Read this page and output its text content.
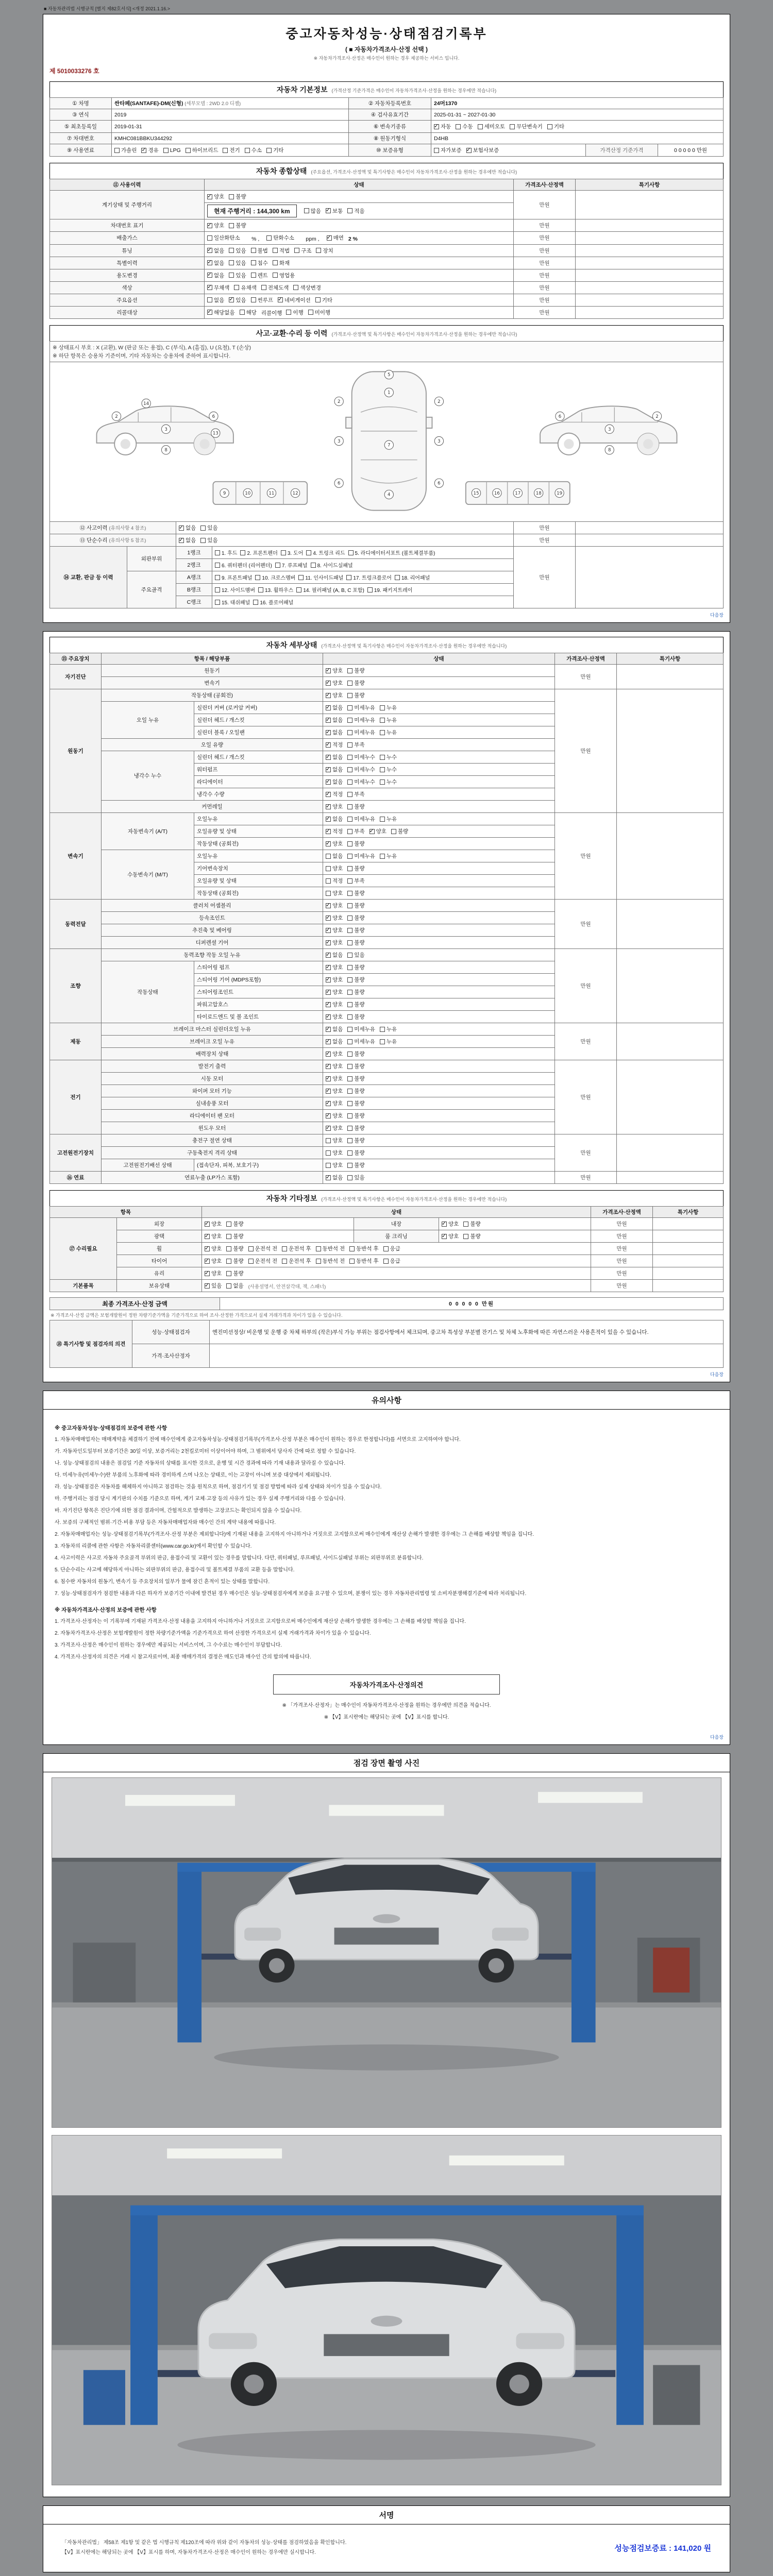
■ 자동차관리법 시행규칙 [별지 제82호서식] <개정 2021.1.16.>
중고자동차성능·상태점검기록부
( ■ 자동차가격조사·산정 선택 )
※ 자동차가격조사·산정은 매수인이 원하는 경우 제공하는 서비스 입니다.
제 5010033276 호
자동차 기본정보 (가격산정 기준가격은 매수인이 자동차가격조사·산정을 원하는 경우에만 적습니다)
① 차명	싼타페(SANTAFE)-DM(신형) (세부모델 : 2WD 2.0 디젤)	② 자동차등록번호	24머1370		
③ 연식	2019	④ 검사유효기간	2025-01-31 ~ 2027-01-30		
⑤ 최초등록일	2019-01-31	⑥ 변속기종류	
✓자동 수동 세미오토 무단변속기 기타
⑦ 차대번호	KMHC081BBKU344292	⑧ 원동기형식	D4HB		
⑨ 사용연료	가솔린 ✓ 경유 LPG 하이브리드 전기 수소 기타	⑩ 보증유형	자가보증 ✓ 보험사보증	가격산정 기준가격	0 0 0 0 0 만원
자동차 종합상태 (주요옵션, 가격조사·산정액 및 특기사항은 매수인이 자동차가격조사·산정을 원하는 경우에만 적습니다)
⑪ 사용이력	상태	가격조사·산정액	특기사항
계기상태 및 주행거리	
✓
양호 불량	만원	
	현재 주행거리 : 144,300 km 많음 ✓ 보통 적음
차대번호 표기	
✓양호 불량	만원	
배출가스	일산화탄소　 % , 탄화수소　 ppm , ✓ 매연 2 %	만원	
튜닝	
✓없음 있음 불법 적법 구조 장치	만원	
특별이력	
✓없음 있음 침수 화재	만원	
용도변경	
✓없음 있음 렌트 영업용	만원	
색상	
✓무채색 유채색 전체도색 색상변경	만원	
주요옵션	없음 ✓ 있음 썬루프 ✓ 네비게이션 기타	만원	
리콜대상	
✓해당없음 해당 리콜이행 이행 미이행	만원	
사고·교환·수리 등 이력 (가격조사·산정액 및 특기사항은 매수인이 자동차가격조사·산정을 원하는 경우에만 적습니다)
※ 상태표시 부호 : X (교환), W (판금 또는 용접), C (부식), A (흠집), U (요철), T (손상)
※ 하단 항목은 승용차 기준이며, 기타 자동차는 승용차에 준하여 표시합니다.					

2
3
6
8
14
13
1
7
4
5
2
3
6
2
3
6
6
3
2
8
9	10	11	12	15	16	17	18	19

⑫ 사고이력 (유의사항 4 참조)	
✓없음 있음		만원	
⑬ 단순수리 (유의사항 5 참조)	
✓없음 있음		만원	
⑭ 교환, 판금 등 이력	외판부위	1랭크	1. 후드 2. 프론트펜더 3. 도어 4. 트렁크 리드 5. 라디에이터서포트 (볼트체결부품)	만원	
		2랭크	6. 쿼터펜더 (리어펜더) 7. 루프패널 8. 사이드실패널		
	주요골격	A랭크	9. 프론트패널 10. 크로스멤버 11. 인사이드패널 17. 트렁크플로어 18. 리어패널		
		B랭크	12. 사이드멤버 13. 휠하우스 14. 필러패널 (A, B, C 포함) 19. 패키지트레이		
		C랭크	15. 대쉬패널 16. 플로어패널		
다음장
자동차 세부상태 (가격조사·산정액 및 특기사항은 매수인이 자동차가격조사·산정을 원하는 경우에만 적습니다)
⑮ 주요장치	항목 / 해당부품		상태	가격조사·산정액	특기사항
자기진단	원동기	
✓양호 불량	만원	
	변속기	
✓양호 불량
원동기	작동상태 (공회전)	
✓양호 불량	만원	
	오일 누유	실린더 커버 (로커암 커버)	
✓없음 미세누유 누유
		실린더 헤드 / 개스킷	
✓없음 미세누유 누유
		실린더 블록 / 오일팬	
✓없음 미세누유 누유
	오일 유량	
✓적정 부족
	냉각수 누수	실린더 헤드 / 개스킷	
✓없음 미세누수 누수
		워터펌프	
✓없음 미세누수 누수
		라디에이터	
✓없음 미세누수 누수
		냉각수 수량	
✓적정 부족
	커먼레일	
✓양호 불량
변속기	자동변속기 (A/T)	오일누유	
✓없음 미세누유 누유	만원	
		오일유량 및 상태	
✓적정 부족 ✓ 양호 불량
		작동상태 (공회전)	
✓양호 불량
	수동변속기 (M/T)	오일누유	없음 미세누유 누유		
		기어변속장치	양호 불량		
		오일유량 및 상태	적정 부족		
		작동상태 (공회전)	양호 불량		
동력전달	클러치 어셈블리	
✓양호 불량	만원	
	등속조인트	
✓양호 불량
	추진축 및 베어링	
✓양호 불량
	디퍼렌셜 기어	
✓양호 불량
조향	동력조향 작동 오일 누유	
✓없음 있음	만원	
	작동상태	스티어링 펌프	
✓양호 불량
		스티어링 기어 (MDPS포함)	
✓양호 불량
		스티어링조인트	
✓양호 불량
		파워고압호스	
✓양호 불량
		타이로드엔드 및 볼 조인트	
✓양호 불량
제동	브레이크 마스터 실린더오일 누유	
✓없음 미세누유 누유	만원	
	브레이크 오일 누유	
✓없음 미세누유 누유
	배력장치 상태	
✓양호 불량
전기	발전기 출력	
✓양호 불량	만원	
	시동 모터	
✓양호 불량
	와이퍼 모터 기능	
✓양호 불량
	실내송풍 모터	
✓양호 불량
	라디에이터 팬 모터	
✓양호 불량
	윈도우 모터	
✓양호 불량
고전원전기장치	충전구 절연 상태		양호 불량	만원	
	구동축전지 격리 상태		양호 불량		
	고전원전기배선 상태	(접속단자, 피복, 보호기구)	양호 불량		
⑯ 연료	연료누출 (LP가스 포함)	
✓없음 있음	만원	
자동차 기타정보 (가격조사·산정액 및 특기사항은 매수인이 자동차가격조사·산정을 원하는 경우에만 적습니다)
항목		상태			가격조사·산정액	특기사항
⑰ 수리필요	외장	
✓양호 불량	내장	
✓양호 불량	만원	
	광택	
✓양호 불량	룸 크리닝	
✓양호 불량	만원	
휠	
✓양호 불량 운전석 전 운전석 후 동반석 전 동반석 후 응급	만원	
타이어	
✓양호 불량 운전석 전 운전석 후 동반석 전 동반석 후 응급	만원	
	유리	
✓양호 불량			만원	
기본품목	보유상태	
✓있음 없음 (사용설명서, 안전삼각대, 잭, 스패너)			만원	
최종 가격조사·산정 금액	0 0 0 0 0 만원
※ 가격조사·산정 금액은 보험개발원이 정한 차량기준가액을 기준가격으로 하여 조사·산정한 가격으로서 실제 거래가격과 차이가 있을 수 있습니다.
⑱ 특기사항 및 점검자의 의견	성능·상태점검자	엔진미션정상/ 비운행 및 운행 중 차체 하부의 (작은)부식 가능 부위는 점검사항에서 체크되며, 중고차 특성상 부분별 잔기스 및 차체 노후화에 따른 자연스러운 사용흔적이 있을 수 있습니다.
	가격·조사산정자	
다음장
유의사항
※ 중고자동차성능·상태점검의 보증에 관한 사항
1. 자동차매매업자는 매매계약을 체결하기 전에 매수인에게 중고자동차성능·상태점검기록부(가격조사·산정 부분은 매수인이 원하는 경우로 한정합니다)를 서면으로 고지하여야 합니다.
가. 자동차인도일부터 보증기간은 30일 이상, 보증거리는 2천킬로미터 이상이어야 하며, 그 범위에서 당사자 간에 따로 정할 수 있습니다.
나. 성능·상태점검의 내용은 점검일 기준 자동차의 상태를 표시한 것으로, 운행 및 시간 경과에 따라 기재 내용과 달라질 수 있습니다.
다. 미세누유(미세누수)란 부품의 노후화에 따라 경미하게 스며 나오는 상태로, 이는 고장이 아니며 보증 대상에서 제외됩니다.
라. 성능·상태점검은 자동차를 해체하지 아니하고 점검하는 것을 원칙으로 하며, 점검기기 및 점검 방법에 따라 실제 상태와 차이가 있을 수 있습니다.
마. 주행거리는 점검 당시 계기판의 수치를 기준으로 하며, 계기 교체·고장 등의 사유가 있는 경우 실제 주행거리와 다를 수 있습니다.
바. 자기진단 항목은 진단기에 의한 점검 결과이며, 간헐적으로 발생하는 고장코드는 확인되지 않을 수 있습니다.
사. 보증의 구체적인 범위·기간·비용 부담 등은 자동차매매업자와 매수인 간의 계약 내용에 따릅니다.
2. 자동차매매업자는 성능·상태점검기록부(가격조사·산정 부분은 제외합니다)에 기재된 내용을 고지하지 아니하거나 거짓으로 고지함으로써 매수인에게 재산상 손해가 발생한 경우에는 그 손해를 배상할 책임을 집니다.
3. 자동차의 리콜에 관한 사항은 자동차리콜센터(www.car.go.kr)에서 확인할 수 있습니다.
4. 사고이력은 사고로 자동차 주요골격 부위의 판금, 용접수리 및 교환이 있는 경우를 말합니다. 다만, 쿼터패널, 루프패널, 사이드실패널 부위는 외판부위로 분류합니다.
5. 단순수리는 사고에 해당하지 아니하는 외판부위의 판금, 용접수리 및 볼트체결 부품의 교환 등을 말합니다.
6. 침수란 자동차의 원동기, 변속기 등 주요장치의 일부가 물에 잠긴 흔적이 있는 상태를 말합니다.
7. 성능·상태점검자가 점검한 내용과 다른 하자가 보증기간 이내에 발견된 경우 매수인은 성능·상태점검자에게 보증을 요구할 수 있으며, 분쟁이 있는 경우 자동차관리법령 및 소비자분쟁해결기준에 따라 처리됩니다.
※ 자동차가격조사·산정의 보증에 관한 사항
1. 가격조사·산정자는 이 기록부에 기재된 가격조사·산정 내용을 고지하지 아니하거나 거짓으로 고지함으로써 매수인에게 재산상 손해가 발생한 경우에는 그 손해를 배상할 책임을 집니다.
2. 자동차가격조사·산정은 보험개발원이 정한 차량기준가액을 기준가격으로 하여 산정한 가격으로서 실제 거래가격과 차이가 있을 수 있습니다.
3. 가격조사·산정은 매수인이 원하는 경우에만 제공되는 서비스이며, 그 수수료는 매수인이 부담합니다.
4. 가격조사·산정자의 의견은 거래 시 참고자료이며, 최종 매매가격의 결정은 매도인과 매수인 간의 합의에 따릅니다.
자동차가격조사·산정의견
※ 「가격조사·산정자」는 매수인이 자동차가격조사·산정을 원하는 경우에만 의견을 적습니다.
※ 【V】표시란에는 해당되는 곳에 【V】표시를 합니다.
다음장
점검 장면 촬영 사진
서명
「자동차관리법」 제58조 제1항 및 같은 법 시행규칙 제120조에 따라 위와 같이 자동차의 성능·상태를 점검하였음을 확인합니다.
【V】표시란에는 해당되는 곳에 【V】표시를 하며, 자동차가격조사·산정은 매수인이 원하는 경우에만 실시합니다.	성능점검보증료 : 141,020 원
